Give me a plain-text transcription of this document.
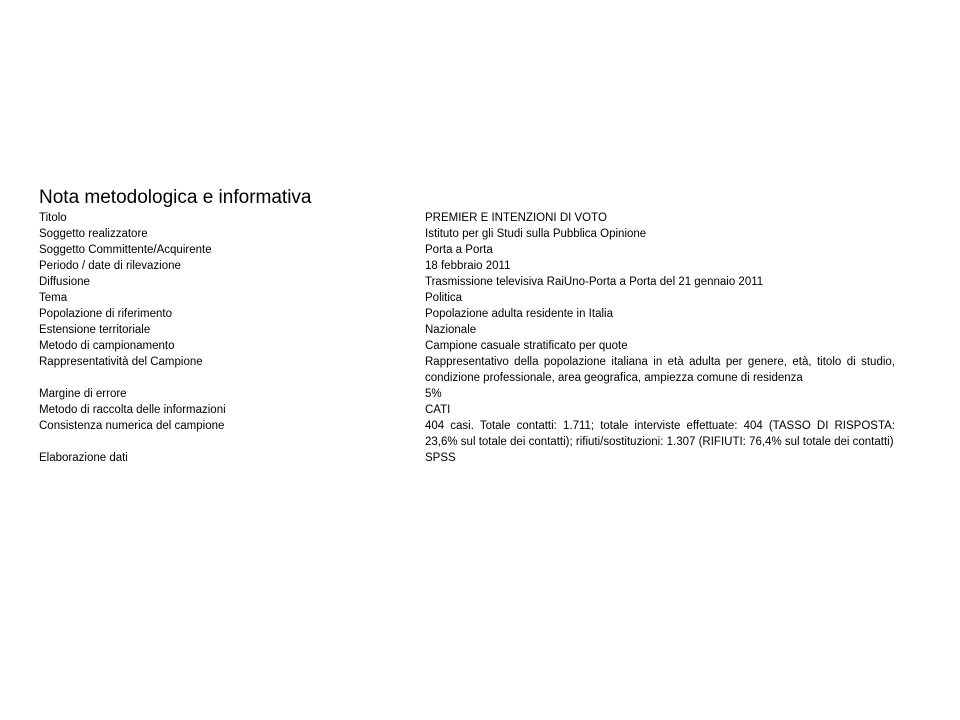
Nota metodologica e informativa
Titolo	PREMIER E INTENZIONI DI VOTO
Soggetto realizzatore	Istituto per gli Studi sulla Pubblica Opinione
Soggetto Committente/Acquirente	Porta a Porta
Periodo / date di rilevazione	18 febbraio 2011
Diffusione	Trasmissione televisiva RaiUno-Porta a Porta del 21 gennaio 2011
Tema	Politica
Popolazione di riferimento	Popolazione adulta residente in Italia
Estensione territoriale	Nazionale
Metodo di campionamento	Campione casuale stratificato per quote
Rappresentatività del Campione	Rappresentativo della popolazione italiana in età adulta per genere, età, titolo di studio, condizione professionale, area geografica, ampiezza comune di residenza
Margine di errore	5%
Metodo di raccolta delle informazioni	CATI
Consistenza numerica del campione	404 casi. Totale contatti: 1.711; totale interviste effettuate: 404 (TASSO DI RISPOSTA: 23,6% sul totale dei contatti); rifiuti/sostituzioni: 1.307 (RIFIUTI: 76,4% sul totale dei contatti)
Elaborazione dati	SPSS
